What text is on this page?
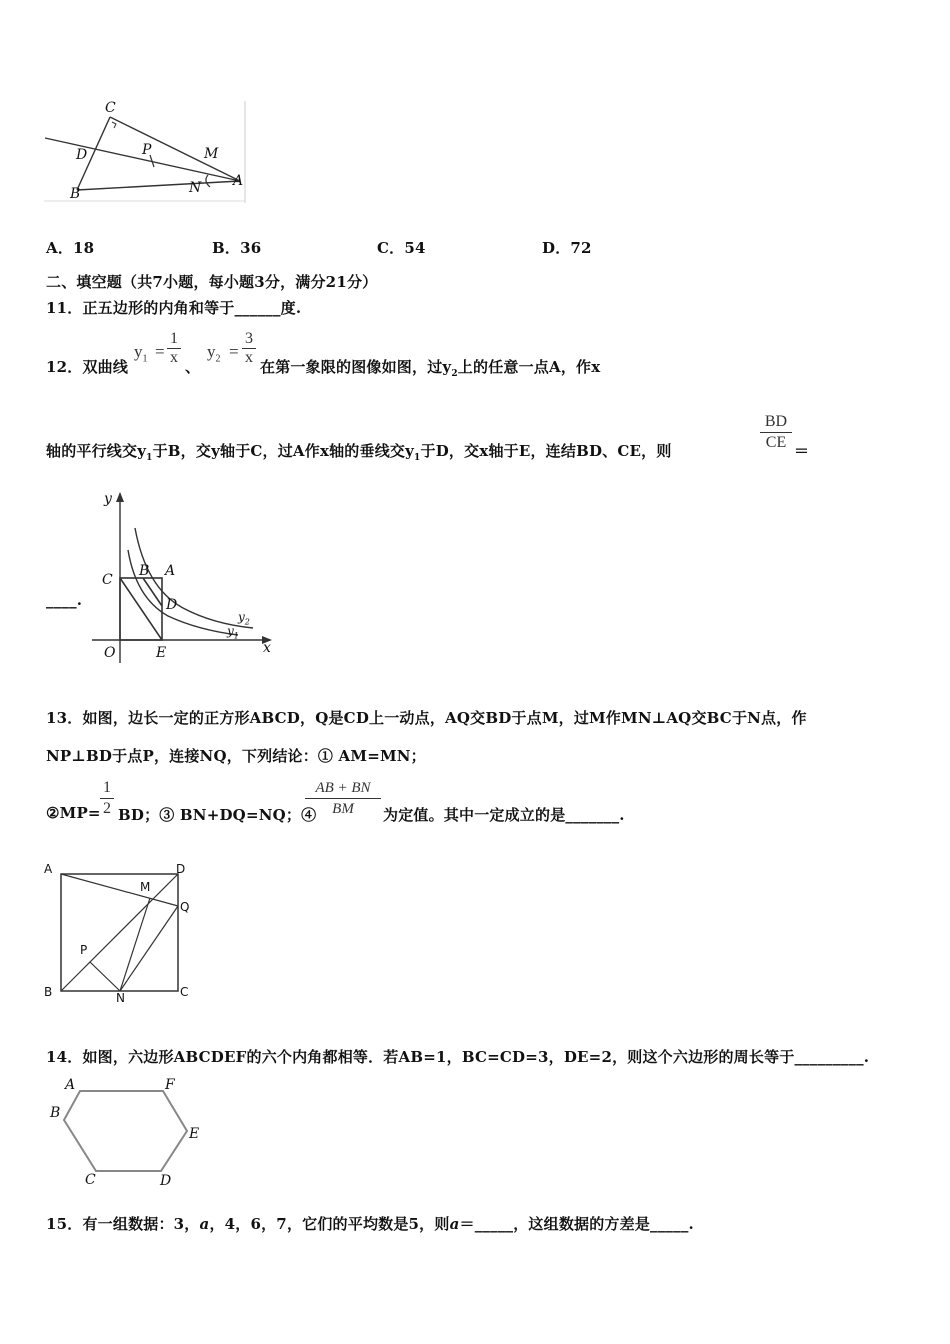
C
D	P	M
A
B	N
A．18	B．36	C．54	D．72
二、填空题（共7小题，每小题3分，满分21分）
11．正五边形的内角和等于______度.
12．双曲线
$y_1$ =
1
x
、
$y_2$ =
3
x
在第一象限的图像如图，过$y_2$上的任意一点A，作x
轴的平行线交$y_1$于B，交y轴于C，过A作x轴的垂线交$y_1$于D，交x轴于E，连结BD、CE，则
BD
CE ＝
____.
y
x
O
C
B A
D
E
$y_2$
$y_1$
13．如图，边长一定的正方形ABCD，Q是CD上一动点，AQ交BD于点M，过M作MN⊥AQ交BC于N点，作
NP⊥BD于点P，连接NQ，下列结论：① AM=MN；
②MP=
1
2 BD；③ BN+DQ=NQ；④
AB + BN
BM	为定值。其中一定成立的是_______.
A	D
M
Q
P
B	N	C
14．如图，六边形ABCDEF的六个内角都相等．若AB=1，BC=CD=3，DE=2，则这个六边形的周长等于_________.
A	F
B
E
C	D
15．有一组数据：3，a，4，6，7，它们的平均数是5，则a＝_____，这组数据的方差是_____.
